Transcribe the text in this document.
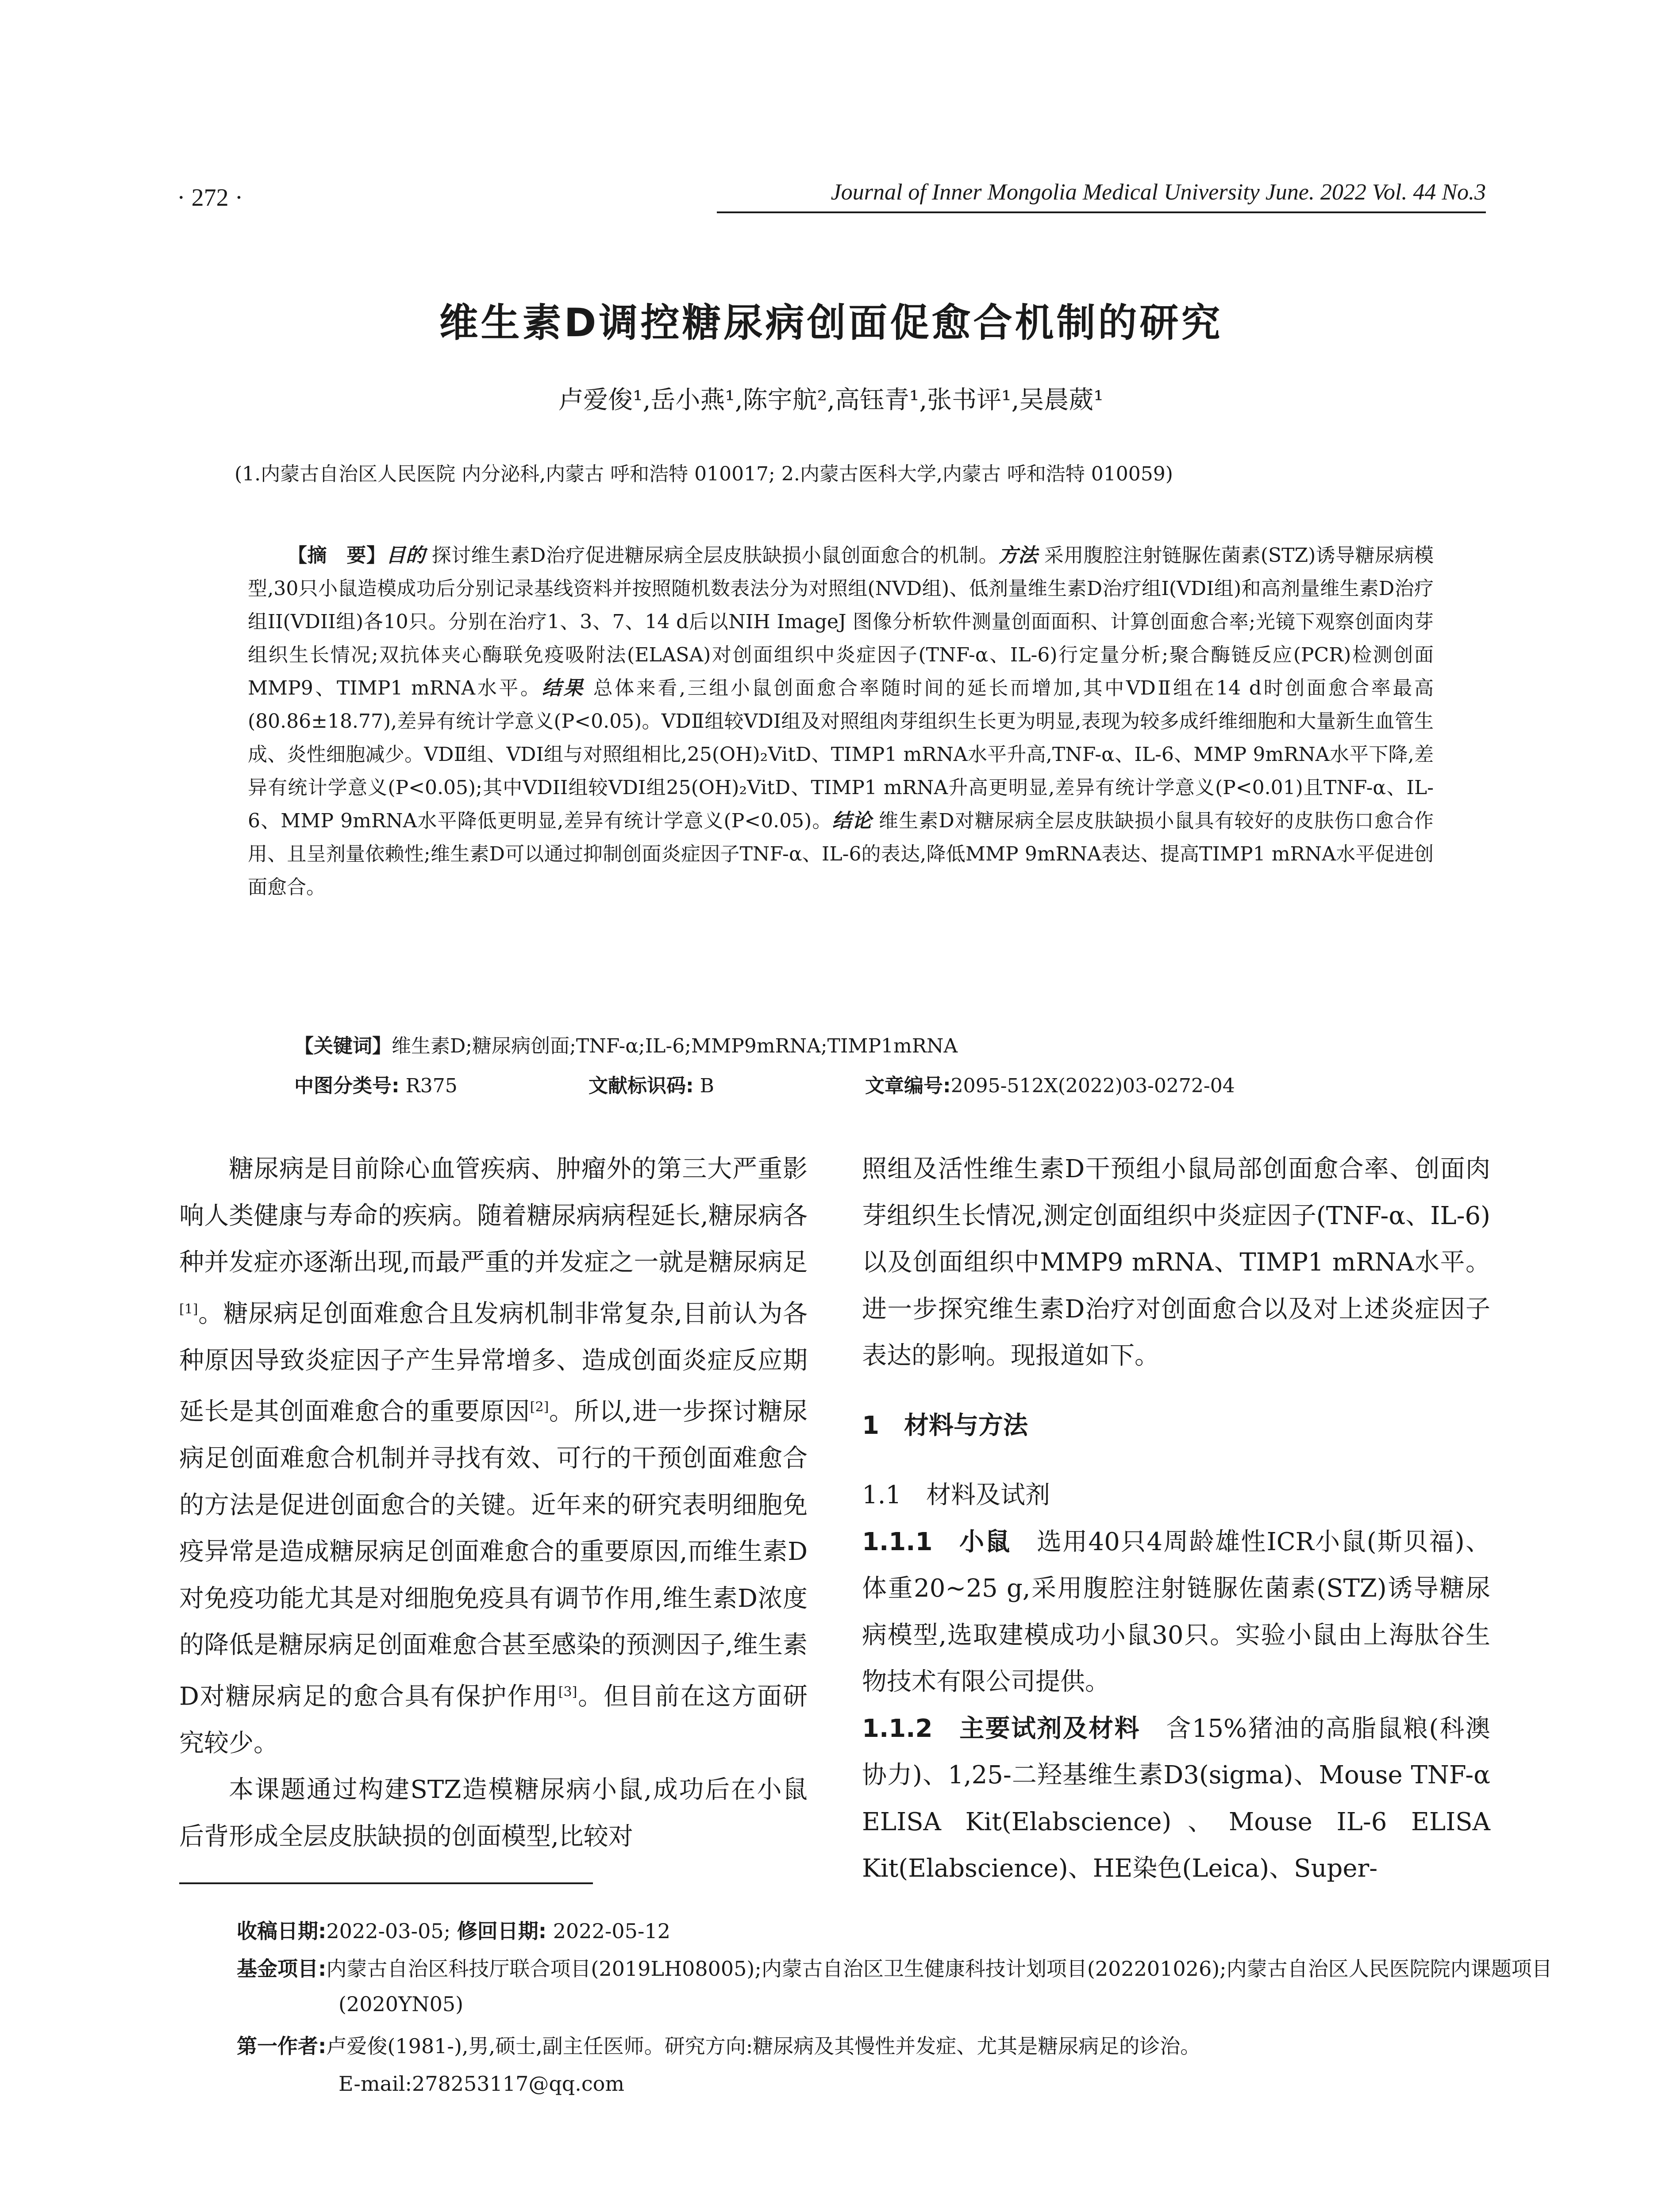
· 272 ·	Journal of Inner Mongolia Medical University June. 2022 Vol. 44 No.3
维生素D调控糖尿病创面促愈合机制的研究
卢爱俊¹,岳小燕¹,陈宇航²,高钰青¹,张书评¹,吴晨葳¹
(1.内蒙古自治区人民医院 内分泌科,内蒙古 呼和浩特 010017; 2.内蒙古医科大学,内蒙古 呼和浩特 010059)
【摘　要】目的 探讨维生素D治疗促进糖尿病全层皮肤缺损小鼠创面愈合的机制。方法 采用腹腔注射链脲佐菌素(STZ)诱导糖尿病模型,30只小鼠造模成功后分别记录基线资料并按照随机数表法分为对照组(NVD组)、低剂量维生素D治疗组I(VDI组)和高剂量维生素D治疗组II(VDII组)各10只。分别在治疗1、3、7、14 d后以NIH ImageJ 图像分析软件测量创面面积、计算创面愈合率;光镜下观察创面肉芽组织生长情况;双抗体夹心酶联免疫吸附法(ELASA)对创面组织中炎症因子(TNF-α、IL-6)行定量分析;聚合酶链反应(PCR)检测创面MMP9、TIMP1 mRNA水平。结果 总体来看,三组小鼠创面愈合率随时间的延长而增加,其中VDⅡ组在14 d时创面愈合率最高(80.86±18.77),差异有统计学意义(P<0.05)。VDⅡ组较VDI组及对照组肉芽组织生长更为明显,表现为较多成纤维细胞和大量新生血管生成、炎性细胞减少。VDⅡ组、VDI组与对照组相比,25(OH)₂VitD、TIMP1 mRNA水平升高,TNF-α、IL-6、MMP 9mRNA水平下降,差异有统计学意义(P<0.05);其中VDII组较VDI组25(OH)₂VitD、TIMP1 mRNA升高更明显,差异有统计学意义(P<0.01)且TNF-α、IL-6、MMP 9mRNA水平降低更明显,差异有统计学意义(P<0.05)。结论 维生素D对糖尿病全层皮肤缺损小鼠具有较好的皮肤伤口愈合作用、且呈剂量依赖性;维生素D可以通过抑制创面炎症因子TNF-α、IL-6的表达,降低MMP 9mRNA表达、提高TIMP1 mRNA水平促进创面愈合。
【关键词】维生素D;糖尿病创面;TNF-α;IL-6;MMP9mRNA;TIMP1mRNA
中图分类号: R375	文献标识码: B	文章编号:2095-512X(2022)03-0272-04

糖尿病是目前除心血管疾病、肿瘤外的第三大严重影响人类健康与寿命的疾病。随着糖尿病病程延长,糖尿病各种并发症亦逐渐出现,而最严重的并发症之一就是糖尿病足[1]。糖尿病足创面难愈合且发病机制非常复杂,目前认为各种原因导致炎症因子产生异常增多、造成创面炎症反应期延长是其创面难愈合的重要原因[2]。所以,进一步探讨糖尿病足创面难愈合机制并寻找有效、可行的干预创面难愈合的方法是促进创面愈合的关键。近年来的研究表明细胞免疫异常是造成糖尿病足创面难愈合的重要原因,而维生素D对免疫功能尤其是对细胞免疫具有调节作用,维生素D浓度的降低是糖尿病足创面难愈合甚至感染的预测因子,维生素D对糖尿病足的愈合具有保护作用[3]。但目前在这方面研究较少。

本课题通过构建STZ造模糖尿病小鼠,成功后在小鼠后背形成全层皮肤缺损的创面模型,比较对

照组及活性维生素D干预组小鼠局部创面愈合率、创面肉芽组织生长情况,测定创面组织中炎症因子(TNF-α、IL-6)以及创面组织中MMP9 mRNA、TIMP1 mRNA水平。进一步探究维生素D治疗对创面愈合以及对上述炎症因子表达的影响。现报道如下。

1　材料与方法

1.1　材料及试剂

1.1.1　小鼠　选用40只4周龄雄性ICR小鼠(斯贝福)、体重20~25 g,采用腹腔注射链脲佐菌素(STZ)诱导糖尿病模型,选取建模成功小鼠30只。实验小鼠由上海肽谷生物技术有限公司提供。

1.1.2　主要试剂及材料　含15%猪油的高脂鼠粮(科澳协力)、1,25-二羟基维生素D3(sigma)、Mouse TNF-α ELISA Kit(Elabscience)、Mouse IL-6 ELISA Kit(Elabscience)、HE染色(Leica)、Super-

收稿日期:2022-03-05; 修回日期: 2022-05-12
基金项目:内蒙古自治区科技厅联合项目(2019LH08005);内蒙古自治区卫生健康科技计划项目(202201026);内蒙古自治区人民医院院内课题项目(2020YN05)
第一作者:卢爱俊(1981-),男,硕士,副主任医师。研究方向:糖尿病及其慢性并发症、尤其是糖尿病足的诊治。
E-mail:278253117@qq.com
